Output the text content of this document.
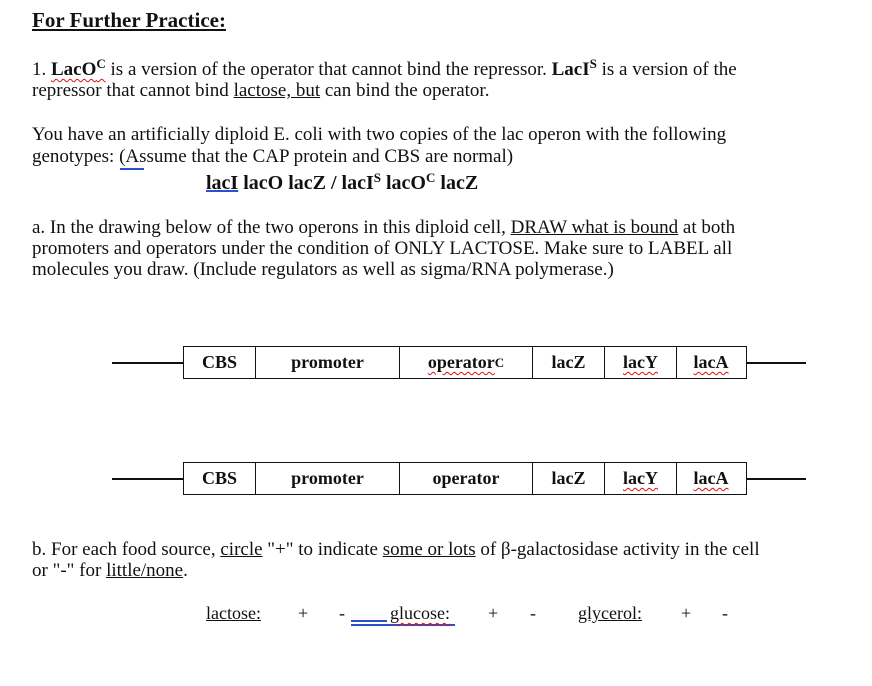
For Further Practice:
1. LacO$^C$ is a version of the operator that cannot bind the repressor. LacI$^S$ is a version of the
repressor that cannot bind lactose, but can bind the operator.
You have an artificially diploid E. coli with two copies of the lac operon with the following
genotypes: (Assume that the CAP protein and CBS are normal)
lacI lacO lacZ / lacI$^S$ lacO$^C$ lacZ
a. In the drawing below of the two operons in this diploid cell, DRAW what is bound at both
promoters and operators under the condition of ONLY LACTOSE. Make sure to LABEL all
molecules you draw. (Include regulators as well as sigma/RNA polymerase.)
CBS	promoter	operator C	lacZ	lacY lacA
CBS	promoter	operator	lacZ	lacY lacA
b. For each food source, circle "+" to indicate some or lots of β-galactosidase activity in the cell
or "-" for little/none.
lactose: + -	glucose: + - glycerol: + -
